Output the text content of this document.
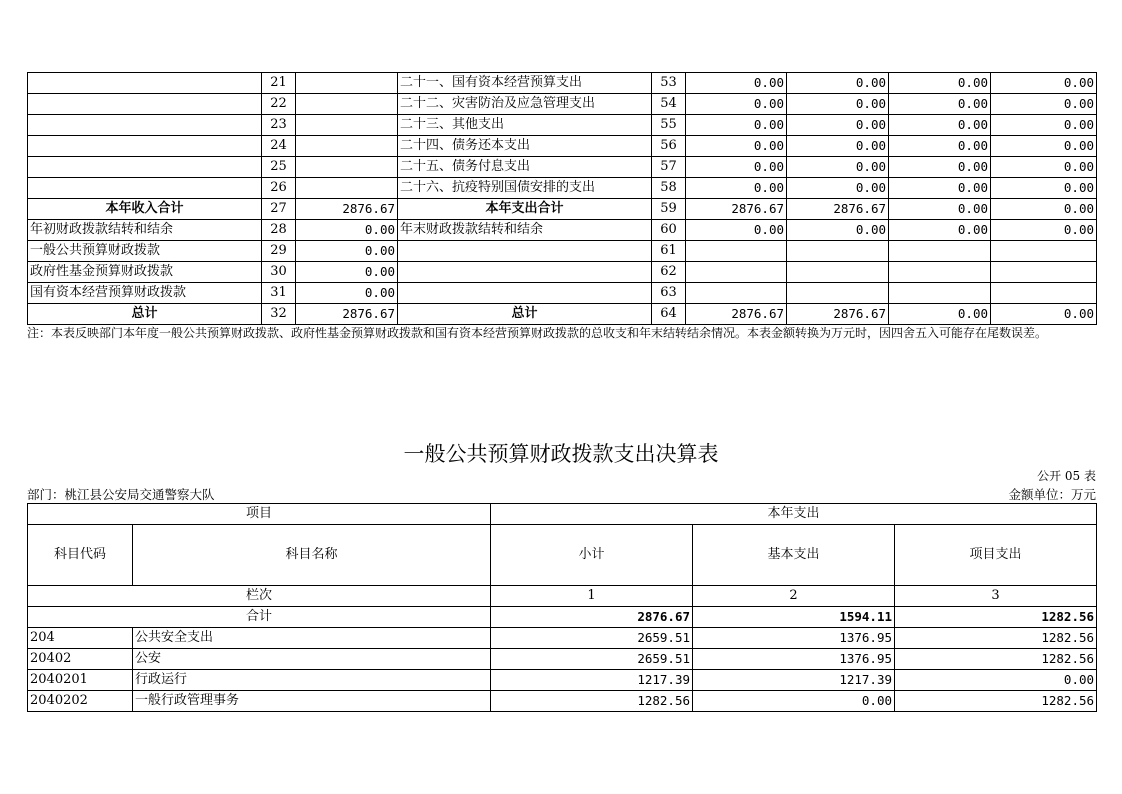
	21		二十一、国有资本经营预算支出	53	0.00	0.00	0.00	0.00
	22		二十二、灾害防治及应急管理支出	54	0.00	0.00	0.00	0.00
	23		二十三、其他支出	55	0.00	0.00	0.00	0.00
	24		二十四、债务还本支出	56	0.00	0.00	0.00	0.00
	25		二十五、债务付息支出	57	0.00	0.00	0.00	0.00
	26		二十六、抗疫特别国债安排的支出	58	0.00	0.00	0.00	0.00
本年收入合计	27	2876.67	本年支出合计	59	2876.67	2876.67	0.00	0.00
年初财政拨款结转和结余	28	0.00	年末财政拨款结转和结余	60	0.00	0.00	0.00	0.00
一般公共预算财政拨款	29	0.00		61				
政府性基金预算财政拨款	30	0.00		62				
国有资本经营预算财政拨款	31	0.00		63				
总计	32	2876.67	总计	64	2876.67	2876.67	0.00	0.00
注：本表反映部门本年度一般公共预算财政拨款、政府性基金预算财政拨款和国有资本经营预算财政拨款的总收支和年末结转结余情况。本表金额转换为万元时，因四舍五入可能存在尾数误差。
一般公共预算财政拨款支出决算表
公开 05 表
部门：桃江县公安局交通警察大队	金额单位：万元
项目		本年支出		
科目代码	科目名称	小计	基本支出	项目支出
栏次		1	2	3
合计		2876.67	1594.11	1282.56
204	公共安全支出	2659.51	1376.95	1282.56
20402	公安	2659.51	1376.95	1282.56
2040201	行政运行	1217.39	1217.39	0.00
2040202	一般行政管理事务	1282.56	0.00	1282.56
